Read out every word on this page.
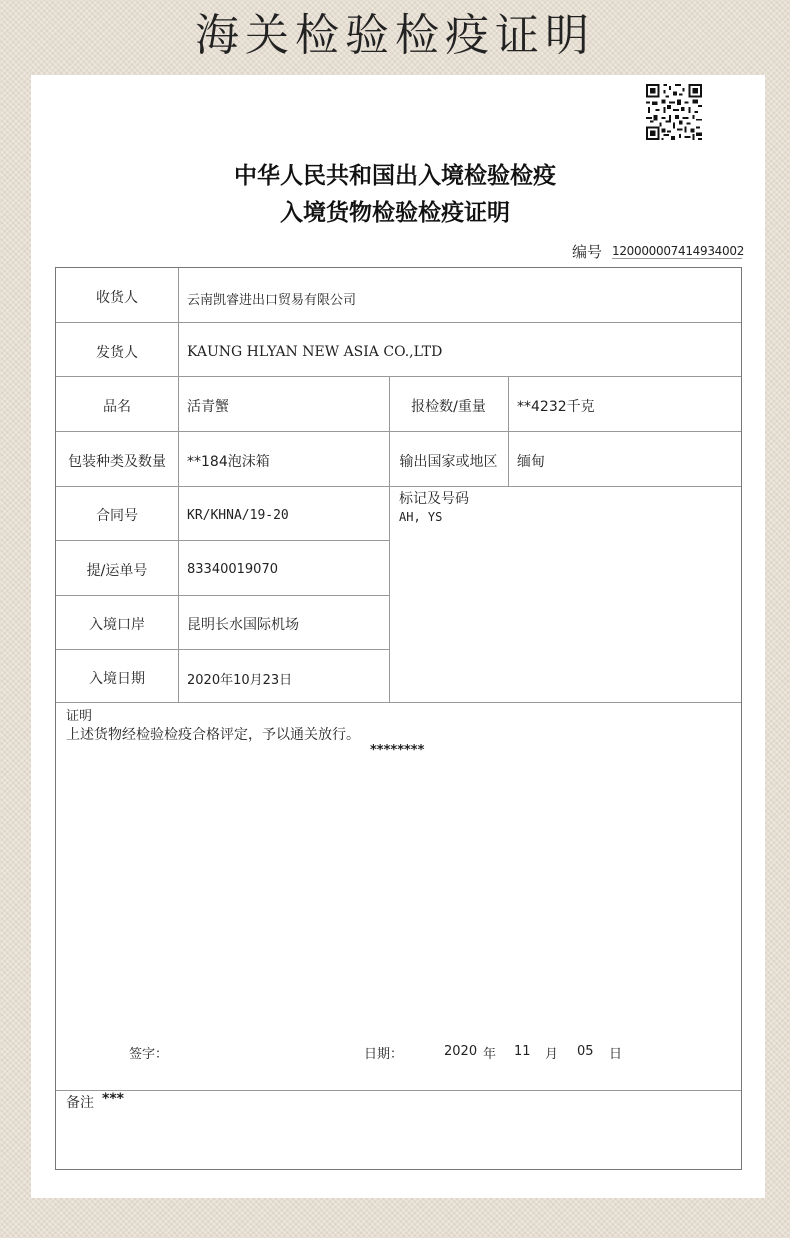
海关检验检疫证明
中华人民共和国出入境检验检疫
入境货物检验检疫证明
编号 120000007414934002
收货人	云南凯睿进出口贸易有限公司
发货人	KAUNG HLYAN NEW ASIA CO.,LTD
品名	活青蟹	报检数/重量	**4232千克
包装种类及数量	**184泡沫箱	输出国家或地区	缅甸
合同号	KR/KHNA/19-20
标记及号码
AH, YS
提/运单号	83340019070
入境口岸	昆明长水国际机场
入境日期	2020年10月23日
证明
上述货物经检验检疫合格评定，予以通关放行。
********
签字：	日期：	2020 年 11 月 05 日
备注 ***
